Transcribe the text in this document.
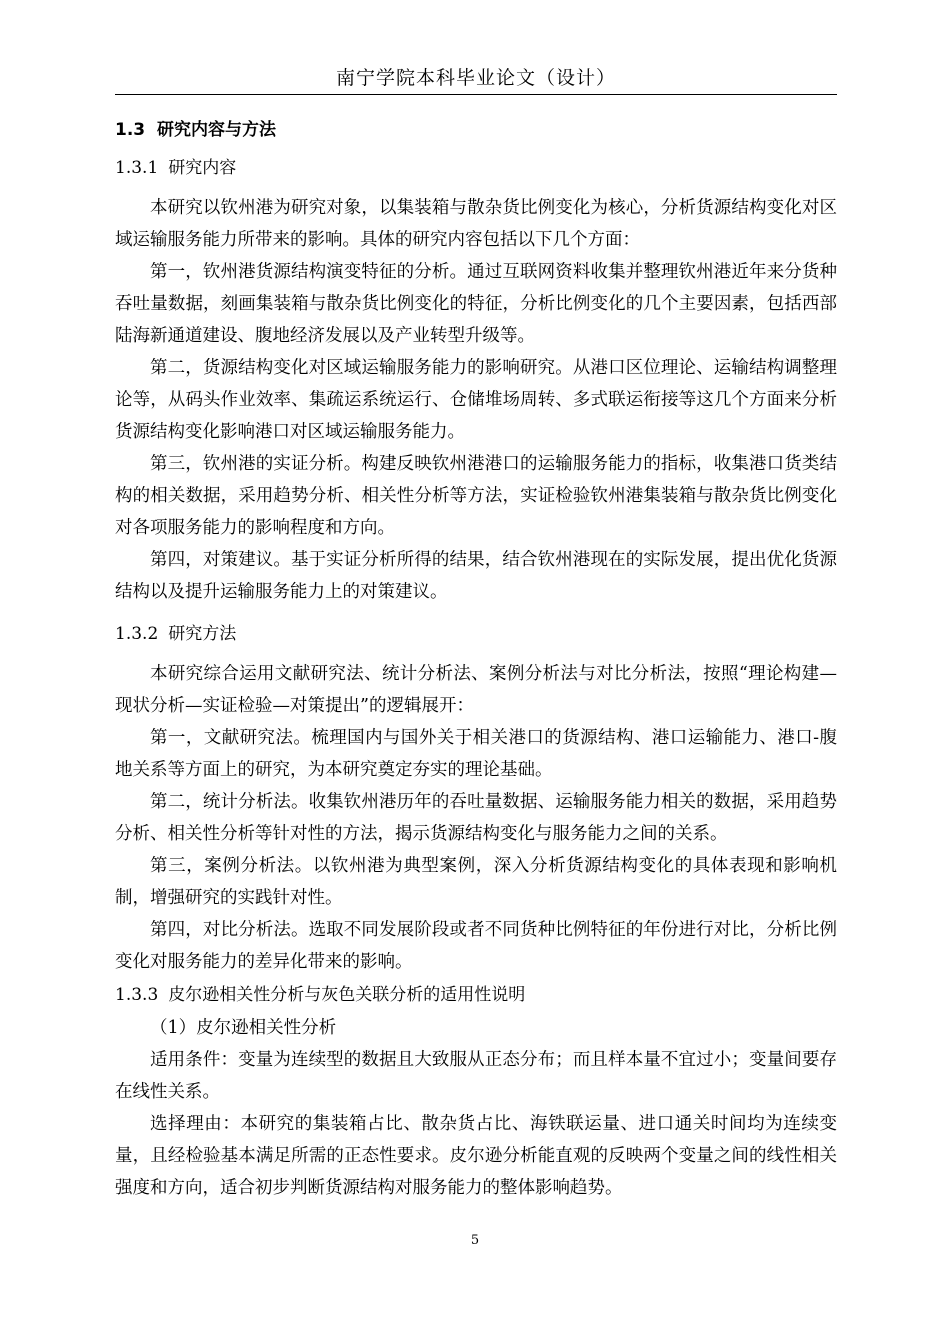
南宁学院本科毕业论文（设计）
1.3 研究内容与方法
1.3.1 研究内容

本研究以钦州港为研究对象，以集装箱与散杂货比例变化为核心，分析货源结构变化对区域运输服务能力所带来的影响。具体的研究内容包括以下几个方面：

第一，钦州港货源结构演变特征的分析。通过互联网资料收集并整理钦州港近年来分货种吞吐量数据，刻画集装箱与散杂货比例变化的特征，分析比例变化的几个主要因素，包括西部陆海新通道建设、腹地经济发展以及产业转型升级等。

第二，货源结构变化对区域运输服务能力的影响研究。从港口区位理论、运输结构调整理论等，从码头作业效率、集疏运系统运行、仓储堆场周转、多式联运衔接等这几个方面来分析货源结构变化影响港口对区域运输服务能力。

第三，钦州港的实证分析。构建反映钦州港港口的运输服务能力的指标，收集港口货类结构的相关数据，采用趋势分析、相关性分析等方法，实证检验钦州港集装箱与散杂货比例变化对各项服务能力的影响程度和方向。

第四，对策建议。基于实证分析所得的结果，结合钦州港现在的实际发展，提出优化货源结构以及提升运输服务能力上的对策建议。

1.3.2 研究方法

本研究综合运用文献研究法、统计分析法、案例分析法与对比分析法，按照“理论构建—现状分析—实证检验—对策提出”的逻辑展开：

第一，文献研究法。梳理国内与国外关于相关港口的货源结构、港口运输能力、港口-腹地关系等方面上的研究，为本研究奠定夯实的理论基础。

第二，统计分析法。收集钦州港历年的吞吐量数据、运输服务能力相关的数据，采用趋势分析、相关性分析等针对性的方法，揭示货源结构变化与服务能力之间的关系。

第三，案例分析法。以钦州港为典型案例，深入分析货源结构变化的具体表现和影响机制，增强研究的实践针对性。

第四，对比分析法。选取不同发展阶段或者不同货种比例特征的年份进行对比，分析比例变化对服务能力的差异化带来的影响。

1.3.3 皮尔逊相关性分析与灰色关联分析的适用性说明

（1）皮尔逊相关性分析

适用条件：变量为连续型的数据且大致服从正态分布；而且样本量不宜过小；变量间要存在线性关系。

选择理由：本研究的集装箱占比、散杂货占比、海铁联运量、进口通关时间均为连续变量，且经检验基本满足所需的正态性要求。皮尔逊分析能直观的反映两个变量之间的线性相关强度和方向，适合初步判断货源结构对服务能力的整体影响趋势。

5
